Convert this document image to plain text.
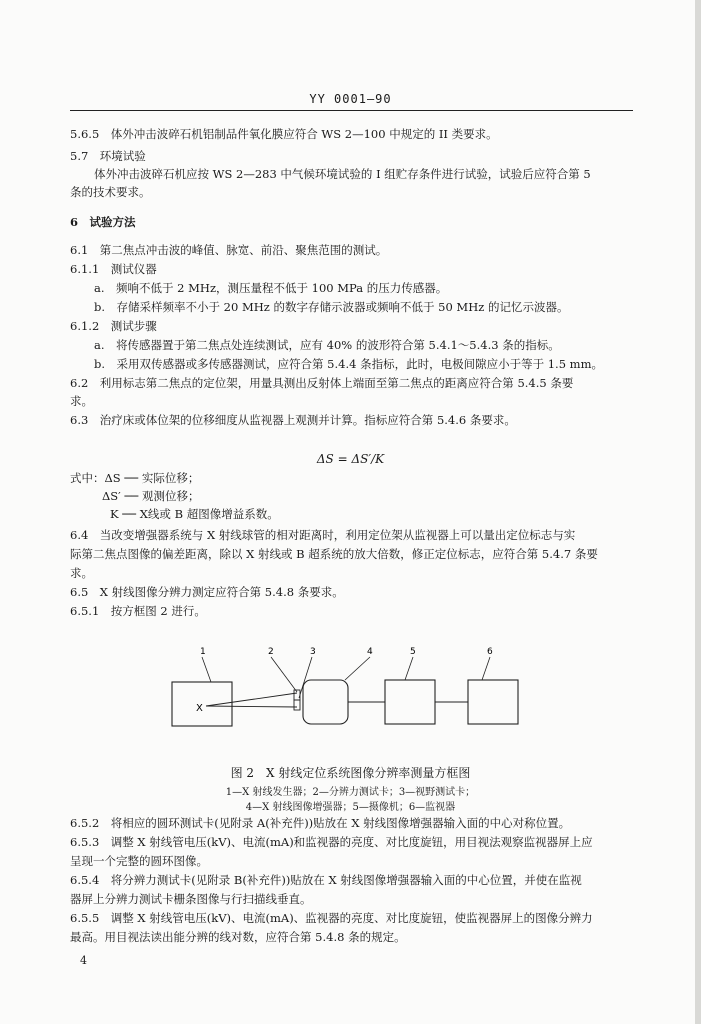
YY 0001—90
5.6.5　体外冲击波碎石机铝制品件氧化膜应符合 WS 2—100 中规定的 II 类要求。
5.7　环境试验
体外冲击波碎石机应按 WS 2—283 中气候环境试验的 I 组贮存条件进行试验，试验后应符合第 5
条的技术要求。
6　试验方法
6.1　第二焦点冲击波的峰值、脉宽、前沿、聚焦范围的测试。
6.1.1　测试仪器
a.　频响不低于 2 MHz，测压量程不低于 100 MPa 的压力传感器。
b.　存储采样频率不小于 20 MHz 的数字存储示波器或频响不低于 50 MHz 的记忆示波器。
6.1.2　测试步骤
a.　将传感器置于第二焦点处连续测试，应有 40% 的波形符合第 5.4.1～5.4.3 条的指标。
b.　采用双传感器或多传感器测试，应符合第 5.4.4 条指标，此时，电极间隙应小于等于 1.5 mm。
6.2　利用标志第二焦点的定位架，用量具测出反射体上端面至第二焦点的距离应符合第 5.4.5 条要
求。
6.3　治疗床或体位架的位移细度从监视器上观测并计算。指标应符合第 5.4.6 条要求。
ΔS = ΔS′/K
式中：ΔS ── 实际位移；
ΔS′ ── 观测位移；
K ── X线或 B 超图像增益系数。
6.4　当改变增强器系统与 X 射线球管的相对距离时，利用定位架从监视器上可以量出定位标志与实
际第二焦点图像的偏差距离，除以 X 射线或 B 超系统的放大倍数，修正定位标志，应符合第 5.4.7 条要
求。
6.5　X 射线图像分辨力测定应符合第 5.4.8 条要求。
6.5.1　按方框图 2 进行。
1	2	3	4	5	6
X
图 2　X 射线定位系统图像分辨率测量方框图
1—X 射线发生器；2—分辨力测试卡；3—视野测试卡；
4—X 射线图像增强器；5—摄像机；6—监视器
6.5.2　将相应的圆环测试卡(见附录 A(补充件))贴放在 X 射线图像增强器输入面的中心对称位置。
6.5.3　调整 X 射线管电压(kV)、电流(mA)和监视器的亮度、对比度旋钮，用目视法观察监视器屏上应
呈现一个完整的圆环图像。
6.5.4　将分辨力测试卡(见附录 B(补充件))贴放在 X 射线图像增强器输入面的中心位置，并使在监视
器屏上分辨力测试卡栅条图像与行扫描线垂直。
6.5.5　调整 X 射线管电压(kV)、电流(mA)、监视器的亮度、对比度旋钮，使监视器屏上的图像分辨力
最高。用目视法读出能分辨的线对数，应符合第 5.4.8 条的规定。
4
